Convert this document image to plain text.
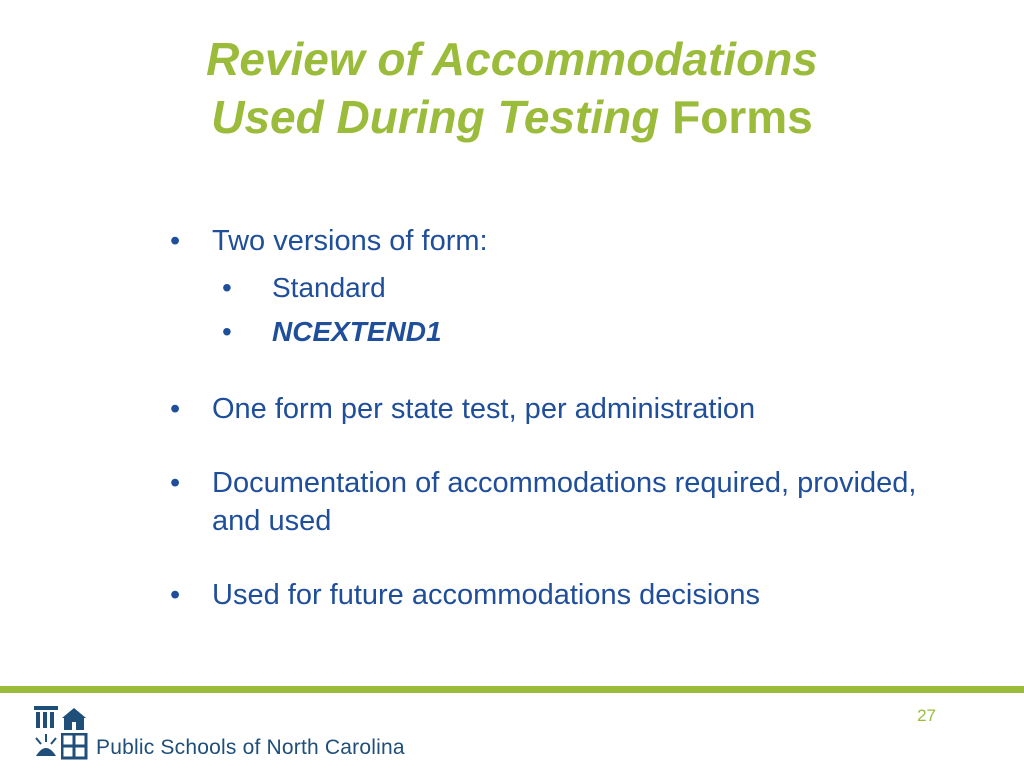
Review of Accommodations
Used During Testing Forms
• Two versions of form:
• Standard
• NCEXTEND1
• One form per state test, per administration
• Documentation of accommodations required, provided, and used
• Used for future accommodations decisions
Public Schools of North Carolina
27
